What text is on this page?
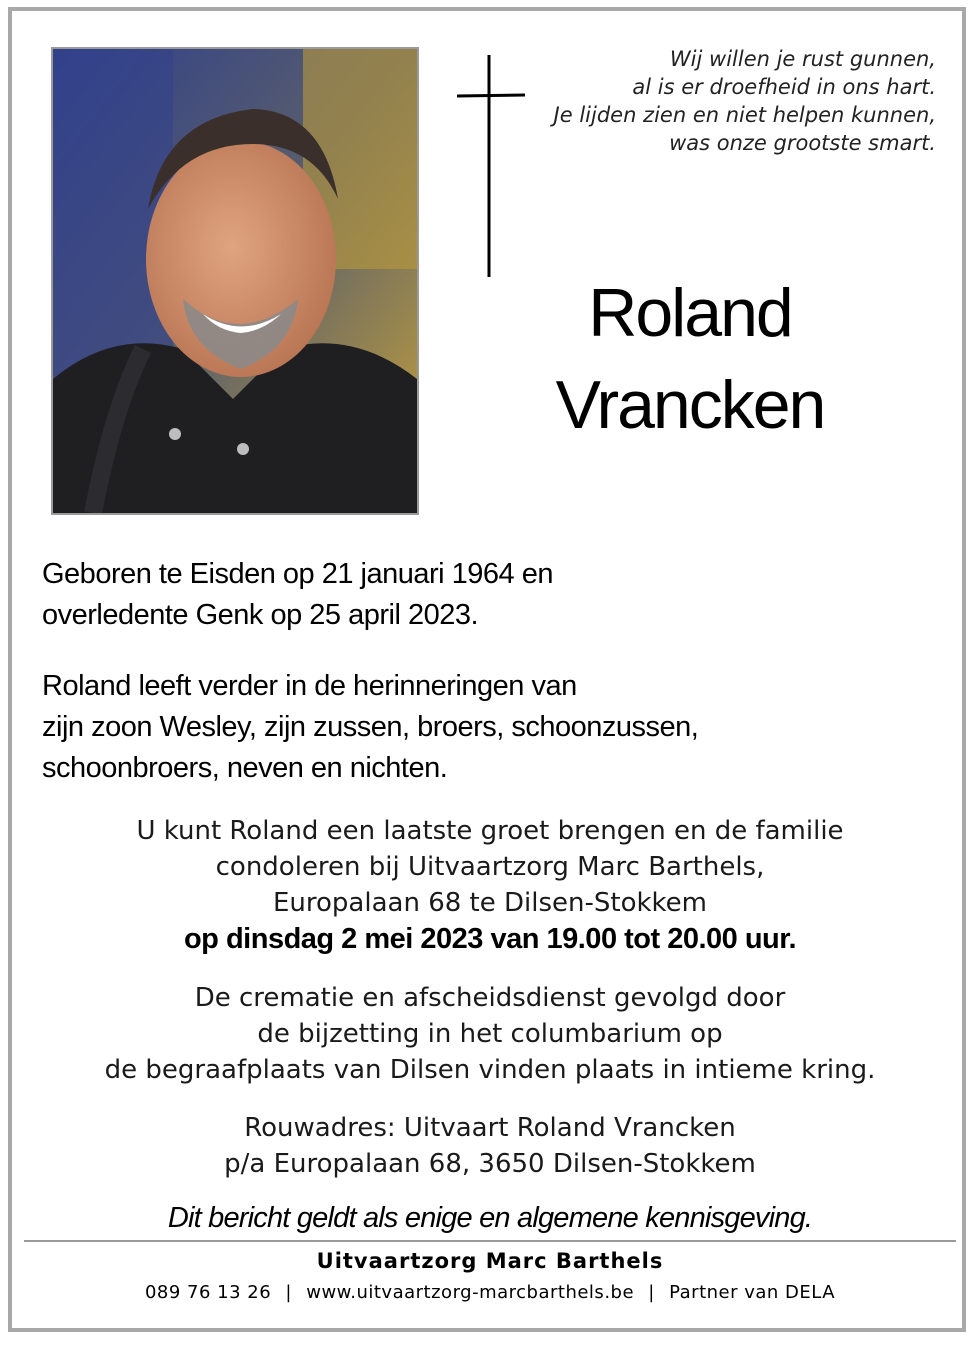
Wij willen je rust gunnen,
al is er droefheid in ons hart.
Je lijden zien en niet helpen kunnen,
was onze grootste smart.
Roland
Vrancken
Geboren te Eisden op 21 januari 1964 en
overledente Genk op 25 april 2023.
Roland leeft verder in de herinneringen van
zijn zoon Wesley, zijn zussen, broers, schoonzussen,
schoonbroers, neven en nichten.
U kunt Roland een laatste groet brengen en de familie
condoleren bij Uitvaartzorg Marc Barthels,
Europalaan 68 te Dilsen-Stokkem
op dinsdag 2 mei 2023 van 19.00 tot 20.00 uur.
De crematie en afscheidsdienst gevolgd door
de bijzetting in het columbarium op
de begraafplaats van Dilsen vinden plaats in intieme kring.
Rouwadres: Uitvaart Roland Vrancken
p/a Europalaan 68, 3650 Dilsen-Stokkem
Dit bericht geldt als enige en algemene kennisgeving.
Uitvaartzorg Marc Barthels
089 76 13 26 | www.uitvaartzorg-marcbarthels.be | Partner van DELA
